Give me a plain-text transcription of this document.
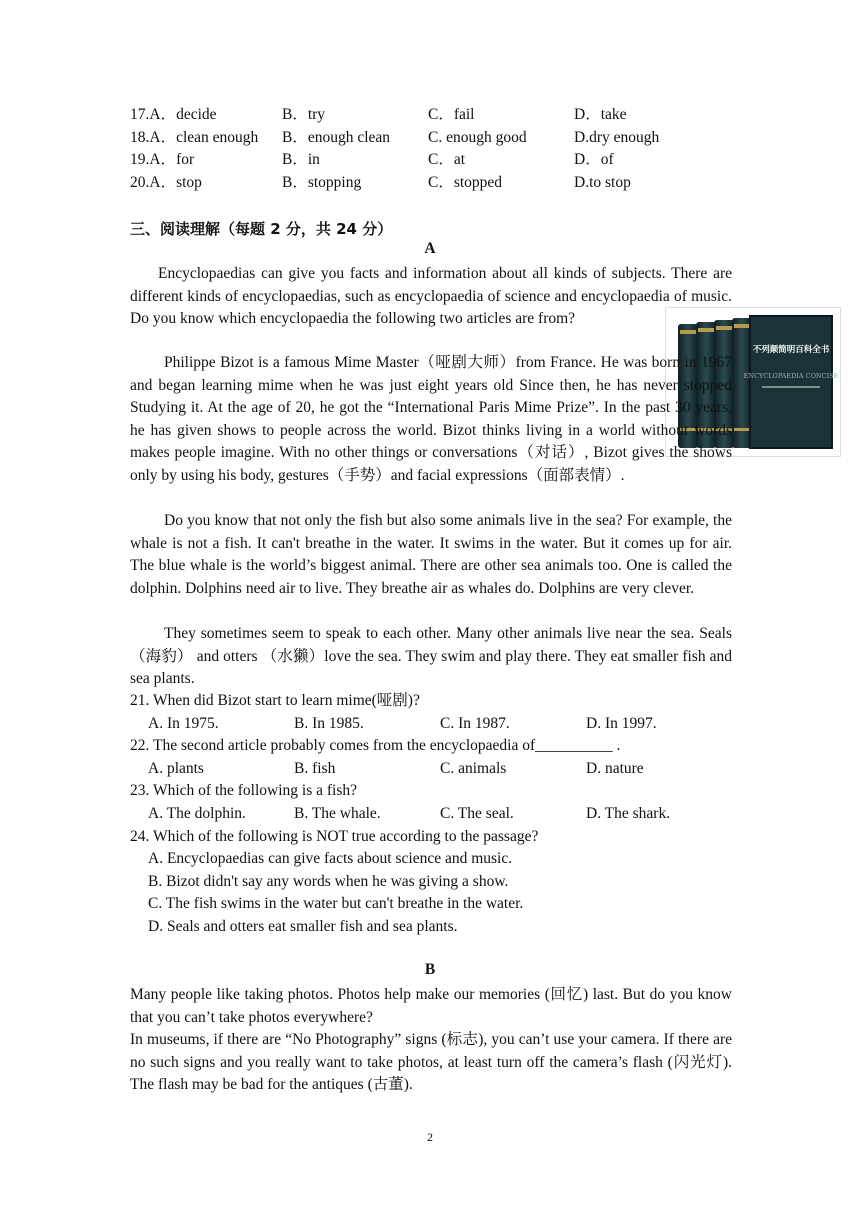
17.A．decide	B．try	C．fail	D．take
18.A．clean enough	B．enough clean	C. enough good	D.dry enough
19.A．for	B．in	C．at	D．of
20.A．stop	B．stopping	C．stopped	D.to stop
三、阅读理解（每题 2 分，共 24 分）
A
Encyclopaedias can give you facts and information about all kinds of subjects. There are different kinds of encyclopaedias, such as encyclopaedia of science and encyclopaedia of music. Do you know which encyclopaedia the following two articles are from?
不列颠简明百科全书
ENCYCLOPAEDIA CONCISE
Philippe Bizot is a famous Mime Master（哑剧大师）from France. He was born in 1967 and began learning mime when he was just eight years old Since then, he has never stopped Studying it. At the age of 20, he got the “International Paris Mime Prize”. In the past 30 years, he has given shows to people across the world. Bizot thinks living in a world without words makes people imagine. With no other things or conversations（对话）, Bizot gives the shows only by using his body, gestures（手势）and facial expressions（面部表情）.
Do you know that not only the fish but also some animals live in the sea? For example, the whale is not a fish. It can't breathe in the water. It swims in the water. But it comes up for air. The blue whale is the world’s biggest animal. There are other sea animals too. One is called the dolphin. Dolphins need air to live. They breathe air as whales do. Dolphins are very clever.
They sometimes seem to speak to each other. Many other animals live near the sea. Seals（海豹） and otters （水獭）love the sea. They swim and play there. They eat smaller fish and sea plants.
21. When did Bizot start to learn mime(哑剧)?
A. In 1975.	B. In 1985.	C. In 1987.	D. In 1997.
22. The second article probably comes from the encyclopaedia of__________ .
A. plants	B. fish	C. animals	D. nature
23. Which of the following is a fish?
A. The dolphin.	B. The whale.	C. The seal.	D. The shark.
24. Which of the following is NOT true according to the passage?
A. Encyclopaedias can give facts about science and music.
B. Bizot didn't say any words when he was giving a show.
C. The fish swims in the water but can't breathe in the water.
D. Seals and otters eat smaller fish and sea plants.
B
Many people like taking photos. Photos help make our memories (回忆) last. But do you know that you can’t take photos everywhere?
In museums, if there are “No Photography” signs (标志), you can’t use your camera. If there are no such signs and you really want to take photos, at least turn off the camera’s flash (闪光灯). The flash may be bad for the antiques (古董).
2
